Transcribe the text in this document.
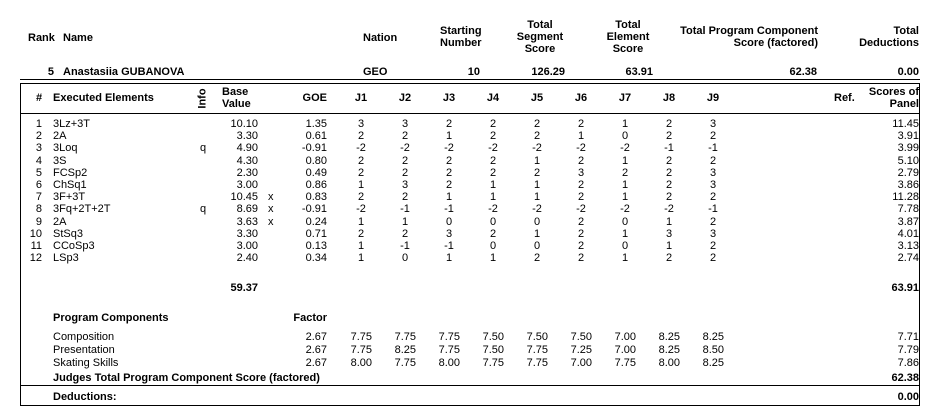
Rank Name	Nation
Starting
Number
Total
Segment
Score
Total
Element
Score
Total Program Component
Score (factored)
Total
Deductions
5 Anastasiia GUBANOVA	GEO	10	126.29	63.91	62.38	0.00
# Executed Elements	Info Base
Value	GOE	J1	J2	J3	J4	J5	J6	J7	J8	J9	Ref.	Scores of
Panel
1 3Lz+3T	10.10	1.35	3	3	2	2	2	2	1	2	3	11.45
2 2A	3.30	0.61	2	2	1	2	2	1	0	2	2	3.91
3 3Loq	q	4.90	-0.91	-2	-2	-2	-2	-2	-2	-2	-1	-1	3.99
4 3S	4.30	0.80	2	2	2	2	1	2	1	2	2	5.10
5 FCSp2	2.30	0.49	2	2	2	2	2	3	2	2	3	2.79
6 ChSq1	3.00	0.86	1	3	2	1	1	2	1	2	3	3.86
7 3F+3T	10.45 x	0.83	2	2	1	1	1	2	1	2	2	11.28
8 3Fq+2T+2T	q	8.69 x	-0.91	-2	-1	-1	-2	-2	-2	-2	-2	-1	7.78
9 2A	3.63 x	0.24	1	1	0	0	0	2	0	1	2	3.87
10 StSq3	3.30	0.71	2	2	3	2	1	2	1	3	3	4.01
11 CCoSp3	3.00	0.13	1	-1	-1	0	0	2	0	1	2	3.13
12 LSp3	2.40	0.34	1	0	1	1	2	2	1	2	2	2.74
59.37	63.91
Program Components	Factor
Composition	2.67	7.75	7.75	7.75	7.50	7.50	7.50	7.00	8.25	8.25	7.71
Presentation	2.67	7.75	8.25	7.75	7.50	7.75	7.25	7.00	8.25	8.50	7.79
Skating Skills	2.67	8.00	7.75	8.00	7.75	7.75	7.00	7.75	8.00	8.25	7.86
Judges Total Program Component Score (factored)	62.38
Deductions:	0.00
